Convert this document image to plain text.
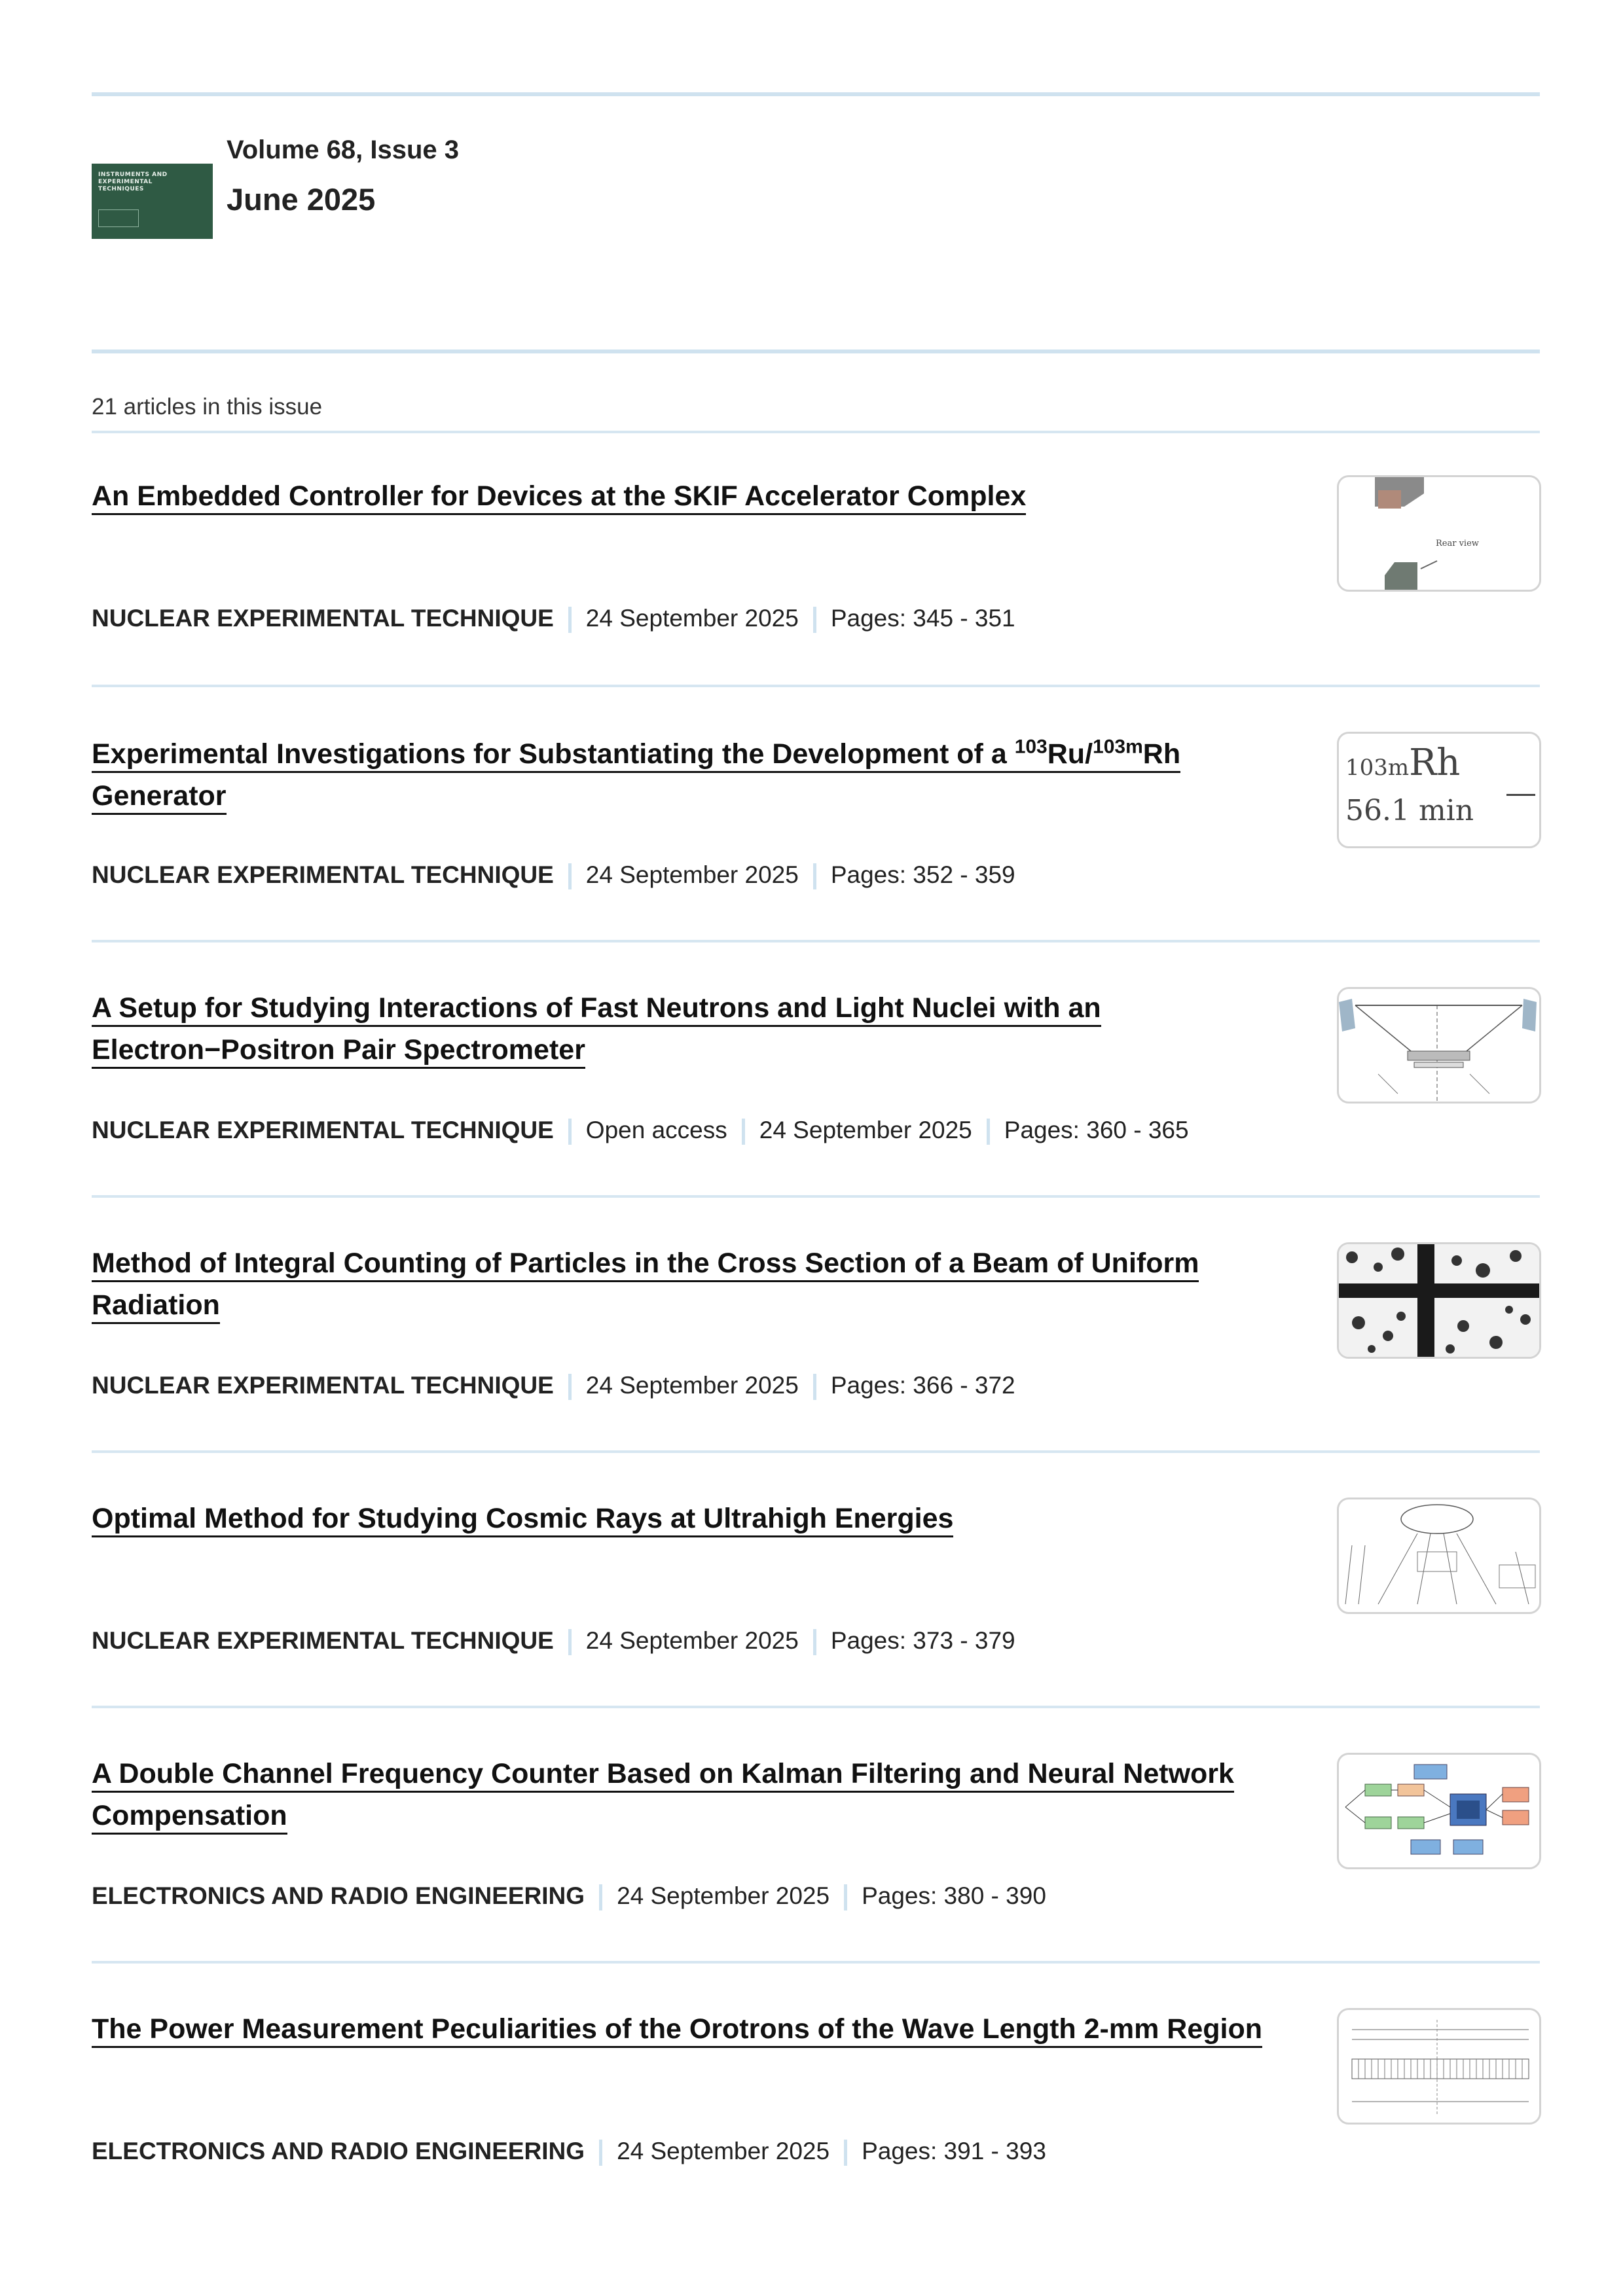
INSTRUMENTS AND EXPERIMENTAL TECHNIQUES
Volume 68, Issue 3
June 2025
21 articles in this issue
An Embedded Controller for Devices at the SKIF Accelerator Complex
NUCLEAR EXPERIMENTAL TECHNIQUE 24 September 2025 Pages: 345 - 351
Rear view
Experimental Investigations for Substantiating the Development of a $^{103}$Ru/$^{103m}$Rh
Generator
NUCLEAR EXPERIMENTAL TECHNIQUE 24 September 2025 Pages: 352 - 359
103mRh
56.1 min
A Setup for Studying Interactions of Fast Neutrons and Light Nuclei with an
Electron−Positron Pair Spectrometer
NUCLEAR EXPERIMENTAL TECHNIQUE Open access 24 September 2025 Pages: 360 - 365
Method of Integral Counting of Particles in the Cross Section of a Beam of Uniform
Radiation
NUCLEAR EXPERIMENTAL TECHNIQUE 24 September 2025 Pages: 366 - 372
Optimal Method for Studying Cosmic Rays at Ultrahigh Energies
NUCLEAR EXPERIMENTAL TECHNIQUE 24 September 2025 Pages: 373 - 379
A Double Channel Frequency Counter Based on Kalman Filtering and Neural Network
Compensation
ELECTRONICS AND RADIO ENGINEERING 24 September 2025 Pages: 380 - 390
The Power Measurement Peculiarities of the Orotrons of the Wave Length 2-mm Region
ELECTRONICS AND RADIO ENGINEERING 24 September 2025 Pages: 391 - 393
